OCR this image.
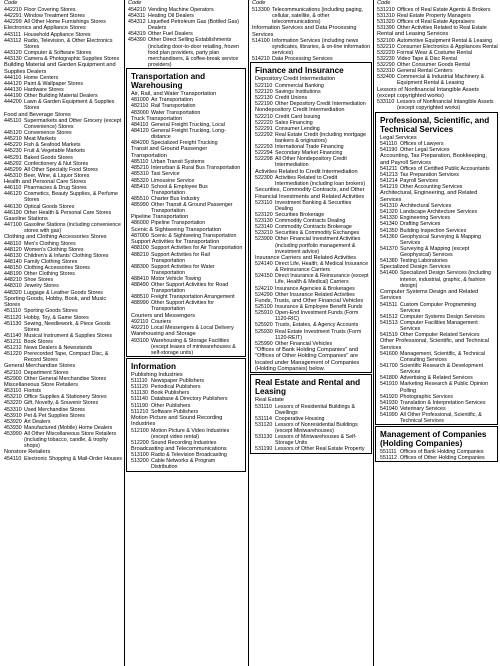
Code
442210 Floor Covering Stores
442291 Window Treatment Stores
442299 All Other Home Furnishings Stores
Electronics and Appliance Stores
443111 Household Appliance Stores
443112 Radio, Television, & Other Electronics Stores
443120 Computer & Software Stores
443130 Camera & Photographic Supplies Stores
Building Material and Garden Equipment and Supplies Dealers
444110 Home Centers
444120 Paint & Wallpaper Stores
444130 Hardware Stores
444190 Other Building Material Dealers
444200 Lawn & Garden Equipment & Supplies Stores
Food and Beverage Stores
445110 Supermarkets and Other Grocery (except Convenience) Stores
445120 Convenience Stores
445210 Meat Markets
445220 Fish & Seafood Markets
445230 Fruit & Vegetable Markets
445291 Baked Goods Stores
445292 Confectionery & Nut Stores
445299 All Other Specialty Food Stores
445310 Beer, Wine, & Liquor Stores
Health and Personal Care Stores
446110 Pharmacies & Drug Stores
446120 Cosmetics, Beauty Supplies, & Perfume Stores
446130 Optical Goods Stores
446190 Other Health & Personal Care Stores
Gasoline Stations
447100 Gasoline Stations (including convenience stores with gas)
Clothing and Clothing Accessories Stores
448110 Men's Clothing Stores
448120 Women's Clothing Stores
448130 Children's & Infants' Clothing Stores
448140 Family Clothing Stores
448150 Clothing Accessories Stores
448190 Other Clothing Stores
448210 Shoe Stores
448310 Jewelry Stores
448320 Luggage & Leather Goods Stores
Sporting Goods, Hobby, Book, and Music Stores
451110 Sporting Goods Stores
451120 Hobby, Toy, & Game Stores
451130 Sewing, Needlework, & Piece Goods Stores
451140 Musical Instrument & Supplies Stores
451211 Book Stores
451212 News Dealers & Newsstands
451220 Prerecorded Tape, Compact Disc, & Record Stores
General Merchandise Stores
452110 Department Stores
452900 Other General Merchandise Stores
Miscellaneous Store Retailers
453110 Florists
453210 Office Supplies & Stationery Stores
453220 Gift, Novelty, & Souvenir Stores
453310 Used Merchandise Stores
453910 Pet & Pet Supplies Stores
453920 Art Dealers
453930 Manufactured (Mobile) Home Dealers
453990 All Other Miscellaneous Store Retailers (including tobacco, candle, & trophy shops)
Nonstore Retailers
454110 Electronic Shopping & Mail-Order Houses
Code
454210 Vending Machine Operators
454311 Heating Oil Dealers
454312 Liquefied Petroleum Gas (Bottled Gas) Dealers
454319 Other Fuel Dealers
454390 Other Direct Selling Establishments (including door-to-door retailing, frozen food plan providers, party plan merchandisers, & coffee-break service providers)
Transportation and Warehousing
Air, Rail, and Water Transportation
481000 Air Transportation
482110 Rail Transportation
483000 Water Transportation
Truck Transportation
484110 General Freight Trucking, Local
484120 General Freight Trucking, Long-distance
484200 Specialized Freight Trucking
Transit and Ground Passenger Transportation
485110 Urban Transit Systems
485210 Interurban & Rural Bus Transportation
485310 Taxi Service
485320 Limousine Service
485410 School & Employee Bus Transportation
485510 Charter Bus Industry
485990 Other Transit & Ground Passenger Transportation
Pipeline Transportation
486000 Pipeline Transportation
Scenic & Sightseeing Transportation
487000 Scenic & Sightseeing Transportation
Support Activities for Transportation
488100 Support Activities for Air Transportation
488210 Support Activities for Rail Transportation
488300 Support Activities for Water Transportation
488410 Motor Vehicle Towing
488490 Other Support Activities for Road Transportation
488510 Freight Transportation Arrangement
488990 Other Support Activities for Transportation
Couriers and Messengers
492110 Couriers
492210 Local Messengers & Local Delivery
Warehousing and Storage
493100 Warehousing & Storage Facilities (except leases of miniwarehouses & self-storage units)
Information
Publishing Industries
511110 Newspaper Publishers
511120 Periodical Publishers
511130 Book Publishers
511140 Database & Directory Publishers
511190 Other Publishers
511210 Software Publishers
Motion Picture and Sound Recording Industries
512100 Motion Picture & Video Industries (except video rental)
512200 Sound Recording Industries
Broadcasting and Telecommunications
513100 Radio & Television Broadcasting
513200 Cable Networks & Program Distribution
Code
513300 Telecommunications (including paging, cellular, satellite, & other telecommunications)
Information Services and Data Processing Services
514100 Information Services (including news syndicates, libraries, & on-line information services)
514210 Data Processing Services
Finance and Insurance
Depository Credit Intermediation
522110 Commercial Banking
522120 Savings Institutions
522130 Credit Unions
522190 Other Depository Credit Intermediation
Nondepository Credit Intermediation
522210 Credit Card Issuing
522220 Sales Financing
522291 Consumer Lending
522292 Real Estate Credit (including mortgage bankers & originators)
522293 International Trade Financing
522294 Secondary Market Financing
522298 All Other Nondepository Credit Intermediation
Activities Related to Credit Intermediation
522300 Activities Related to Credit Intermediation (including loan brokers)
Securities, Commodity Contracts, and Other Financial Investments and Related Activities
523110 Investment Banking & Securities Dealing
523120 Securities Brokerage
523130 Commodity Contracts Dealing
523140 Commodity Contracts Brokerage
523210 Securities & Commodity Exchanges
523900 Other Financial Investment Activities (including portfolio management & investment advice)
Insurance Carriers and Related Activities
524140 Direct Life, Health, & Medical Insurance & Reinsurance Carriers
524150 Direct Insurance & Reinsurance (except Life, Health & Medical) Carriers
524210 Insurance Agencies & Brokerages
524290 Other Insurance Related Activities
Funds, Trusts, and Other Financial Vehicles
525100 Insurance & Employee Benefit Funds
525910 Open-End Investment Funds (Form 1120-RIC)
525920 Trusts, Estates, & Agency Accounts
525930 Real Estate Investment Trusts (Form 1120-REIT)
525990 Other Financial Vehicles
"Offices of Bank Holding Companies" and "Offices of Other Holding Companies" are located under Management of Companies (Holding Companies) below.
Real Estate and Rental and Leasing
Real Estate
531110 Lessors of Residential Buildings & Dwellings
531114 Cooperative Housing
531120 Lessors of Nonresidential Buildings (except Miniwarehouses)
531130 Lessors of Miniwarehouses & Self-Storage Units
531190 Lessors of Other Real Estate Property
Code
531210 Offices of Real Estate Agents & Brokers
531310 Real Estate Property Managers
531320 Offices of Real Estate Appraisers
531390 Other Activities Related to Real Estate
Rental and Leasing Services
532100 Automotive Equipment Rental & Leasing
532210 Consumer Electronics & Appliances Rental
532220 Formal Wear & Costume Rental
532230 Video Tape & Disc Rental
532290 Other Consumer Goods Rental
532310 General Rental Centers
532400 Commercial & Industrial Machinery & Equipment Rental & Leasing
Lessors of Nonfinancial Intangible Assets (except copyrighted works)
533110 Lessors of Nonfinancial Intangible Assets (except copyrighted works)
Professional, Scientific, and Technical Services
Legal Services
541110 Offices of Lawyers
541190 Other Legal Services
Accounting, Tax Preparation, Bookkeeping, and Payroll Services
541211 Offices of Certified Public Accountants
541213 Tax Preparation Services
541214 Payroll Services
541219 Other Accounting Services
Architectural, Engineering, and Related Services
541310 Architectural Services
541320 Landscape Architecture Services
541330 Engineering Services
541340 Drafting Services
541350 Building Inspection Services
541360 Geophysical Surveying & Mapping Services
541370 Surveying & Mapping (except Geophysical) Services
541380 Testing Laboratories
Specialized Design Services
541400 Specialized Design Services (including interior, industrial, graphic, & fashion design)
Computer Systems Design and Related Services
541511 Custom Computer Programming Services
541512 Computer Systems Design Services
541513 Computer Facilities Management Services
541519 Other Computer Related Services
Other Professional, Scientific, and Technical Services
541600 Management, Scientific, & Technical Consulting Services
541700 Scientific Research & Development Services
541800 Advertising & Related Services
541910 Marketing Research & Public Opinion Polling
541920 Photographic Services
541930 Translation & Interpretation Services
541940 Veterinary Services
541990 All Other Professional, Scientific, & Technical Services
Management of Companies (Holding Companies)
551111 Offices of Bank Holding Companies
551112 Offices of Other Holding Companies
